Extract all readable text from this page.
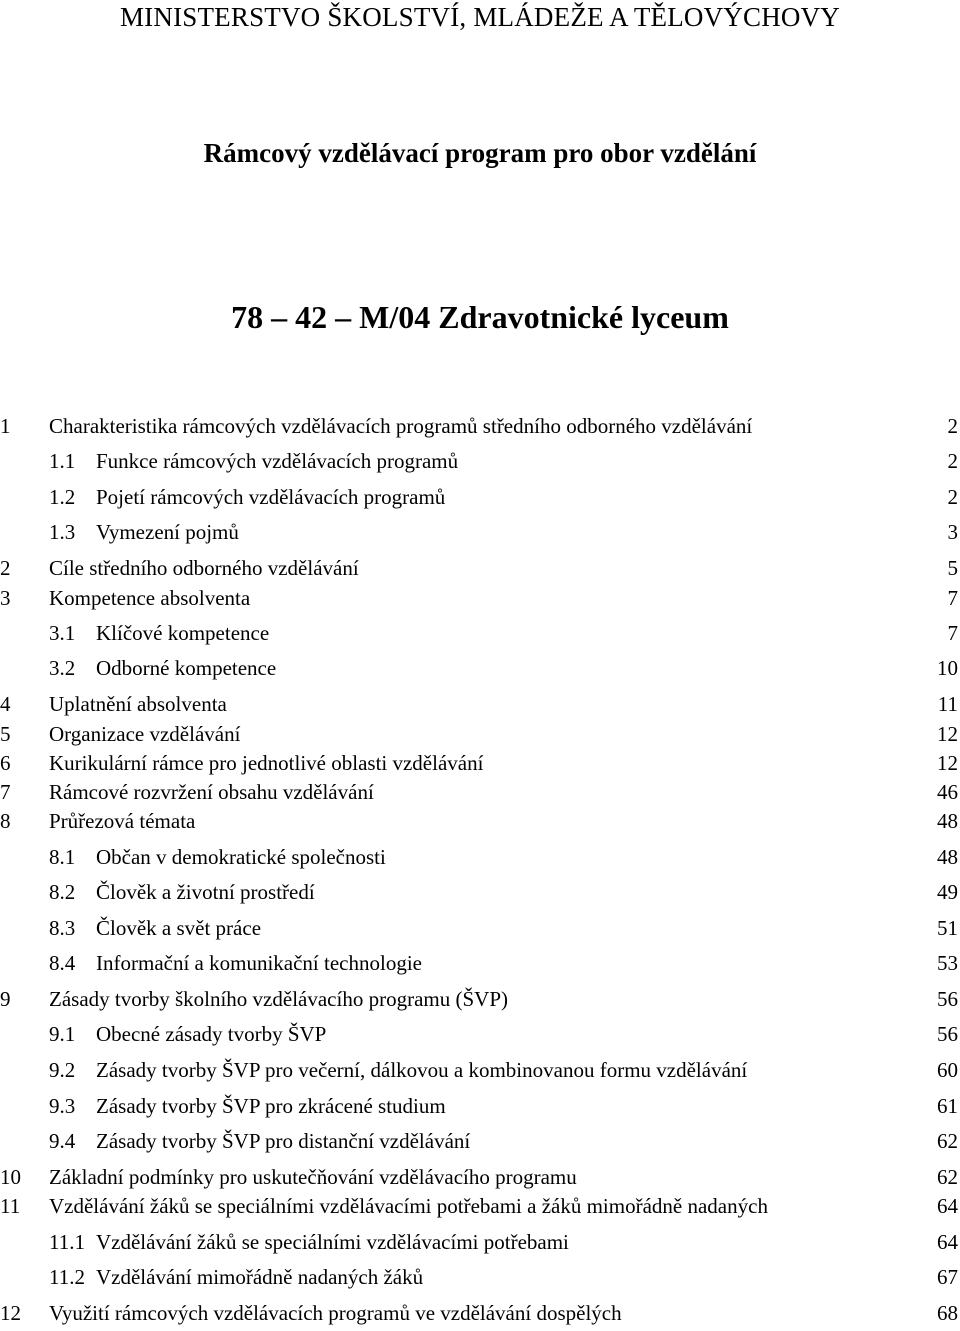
MINISTERSTVO ŠKOLSTVÍ, MLÁDEŽE A TĚLOVÝCHOVY
Rámcový vzdělávací program pro obor vzdělání
78 – 42 – M/04 Zdravotnické lyceum
1 Charakteristika rámcových vzdělávacích programů středního odborného vzdělávání	2
1.1 Funkce rámcových vzdělávacích programů	2
1.2 Pojetí rámcových vzdělávacích programů	2
1.3 Vymezení pojmů	3
2 Cíle středního odborného vzdělávání	5
3 Kompetence absolventa	7
3.1 Klíčové kompetence	7
3.2 Odborné kompetence	10
4 Uplatnění absolventa	11
5 Organizace vzdělávání	12
6 Kurikulární rámce pro jednotlivé oblasti vzdělávání	12
7 Rámcové rozvržení obsahu vzdělávání	46
8 Průřezová témata	48
8.1 Občan v demokratické společnosti	48
8.2 Člověk a životní prostředí	49
8.3 Člověk a svět práce	51
8.4 Informační a komunikační technologie	53
9 Zásady tvorby školního vzdělávacího programu (ŠVP)	56
9.1 Obecné zásady tvorby ŠVP	56
9.2 Zásady tvorby ŠVP pro večerní, dálkovou a kombinovanou formu vzdělávání	60
9.3 Zásady tvorby ŠVP pro zkrácené studium	61
9.4 Zásady tvorby ŠVP pro distanční vzdělávání	62
10 Základní podmínky pro uskutečňování vzdělávacího programu	62
11 Vzdělávání žáků se speciálními vzdělávacími potřebami a žáků mimořádně nadaných	64
11.1 Vzdělávání žáků se speciálními vzdělávacími potřebami	64
11.2 Vzdělávání mimořádně nadaných žáků	67
12 Využití rámcových vzdělávacích programů ve vzdělávání dospělých	68
